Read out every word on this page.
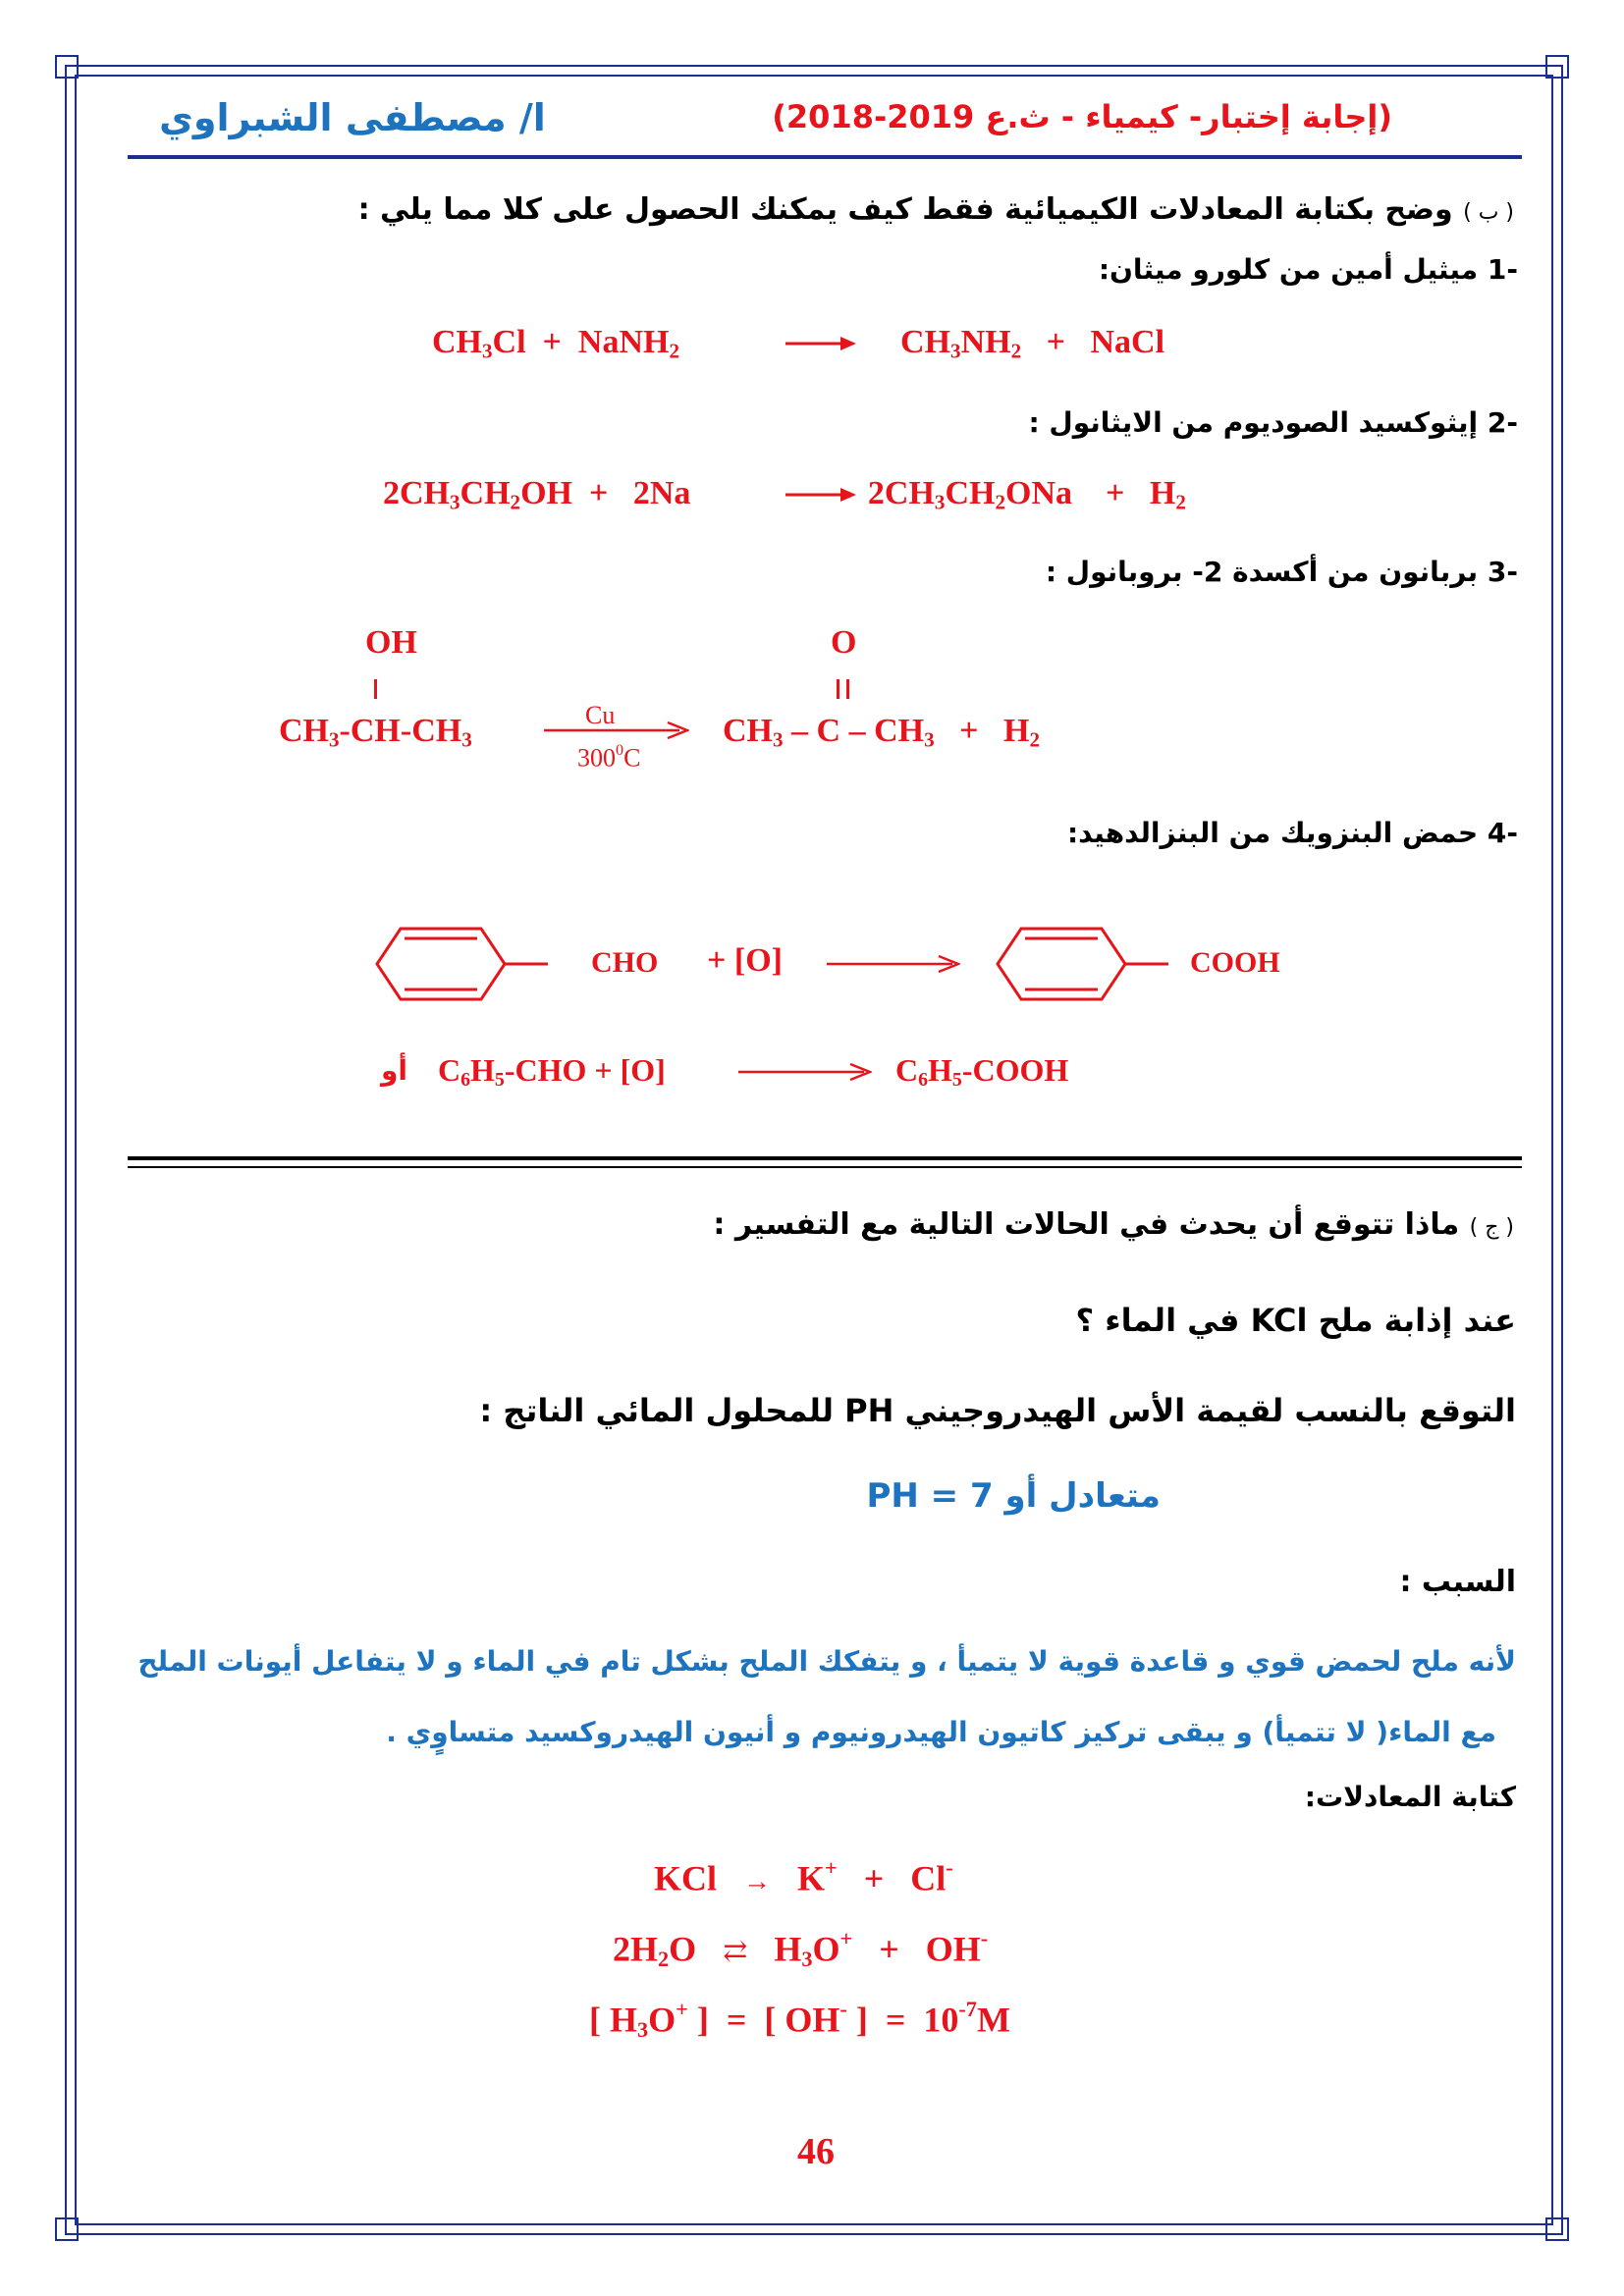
ا/ مصطفى الشبراوي	(إجابة إختبار- كيمياء - ث.ع 2019-2018)
( ب ) وضح بكتابة المعادلات الكيميائية فقط كيف يمكنك الحصول على كلا مما يلي :
-1 ميثيل أمين من كلورو ميثان:
$CH_3Cl$  +  NaNH$_2$	$CH_3NH_2$   +   NaCl
-2 إيثوكسيد الصوديوم من الايثانول :
$2CH_3CH_2OH + 2Na$	$2CH_3CH_2ONa$    +   $H_2$
-3 بربانون من أكسدة 2- بروبانول :
OH	O
$CH_3-CH-CH_3$
Cu
$300^0C$
$CH_3 - C - CH_3 + H_2$
-4 حمض البنزويك من البنزالدهيد:
CHO + [O]	COOH
أو $C_6H_5$-CHO + [O]	$C_6H_5$-COOH
( ج ) ماذا تتوقع أن يحدث في الحالات التالية مع التفسير :
عند إذابة ملح KCl في الماء ؟
التوقع بالنسب لقيمة الأس الهيدروجيني PH للمحلول المائي الناتج :
متعادل أو 7 = PH
السبب :
لأنه ملح لحمض قوي و قاعدة قوية لا يتميأ ، و يتفكك الملح بشكل تام في الماء و لا يتفاعل أيونات الملح
مع الماء( لا تتميأ) و يبقى تركيز كاتيون الهيدرونيوم و أنيون الهيدروكسيد متساوٍي .
كتابة المعادلات:
KCl   →   K+   +   Cl-
$2H_2O$   ⇄   $H_3O^+ + OH^-$
[ $H_3O^+$ ]  =  [ OH- ]  =  $10^{-7}M$
46
